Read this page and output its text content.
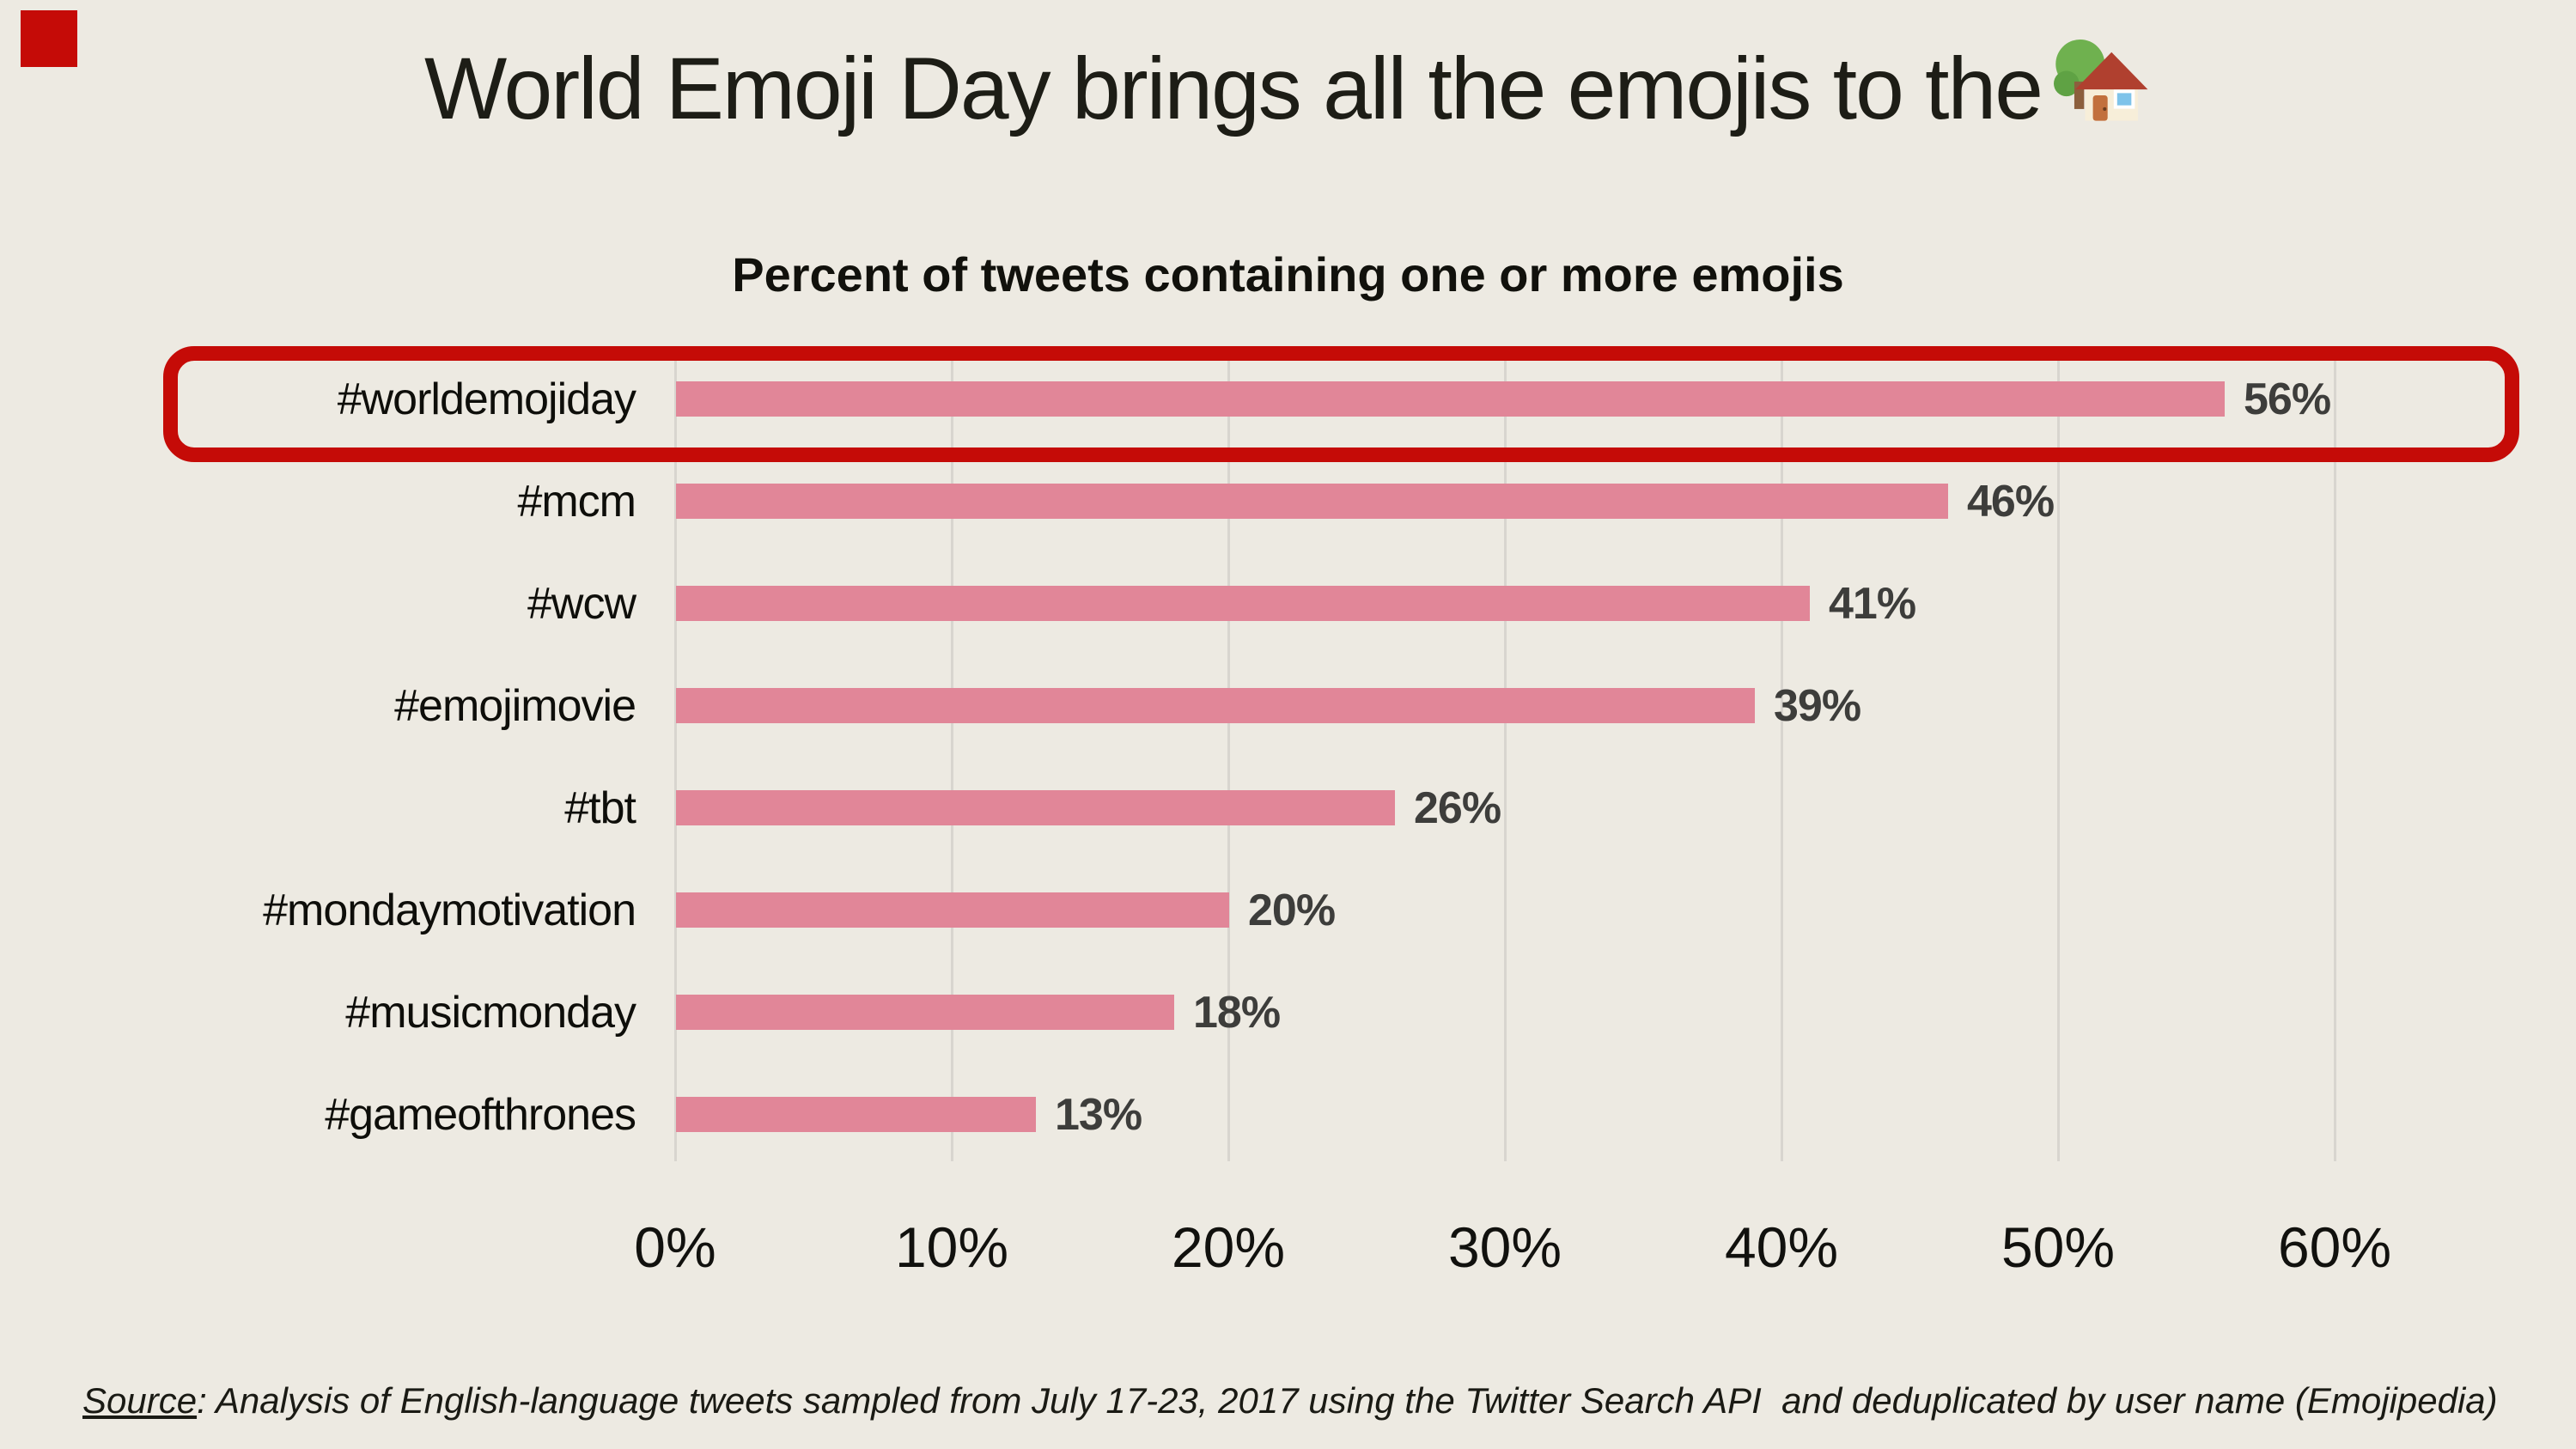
World Emoji Day brings all the emojis to the
Percent of tweets containing one or more emojis
#worldemojiday	56%
#mcm	46%
#wcw	41%
#emojimovie	39%
#tbt	26%
#mondaymotivation	20%
#musicmonday	18%
#gameofthrones	13%
0%	10%	20%	30%	40%	50%	60%
Source: Analysis of English-language tweets sampled from July 17-23, 2017 using the Twitter Search API  and deduplicated by user name (Emojipedia)
